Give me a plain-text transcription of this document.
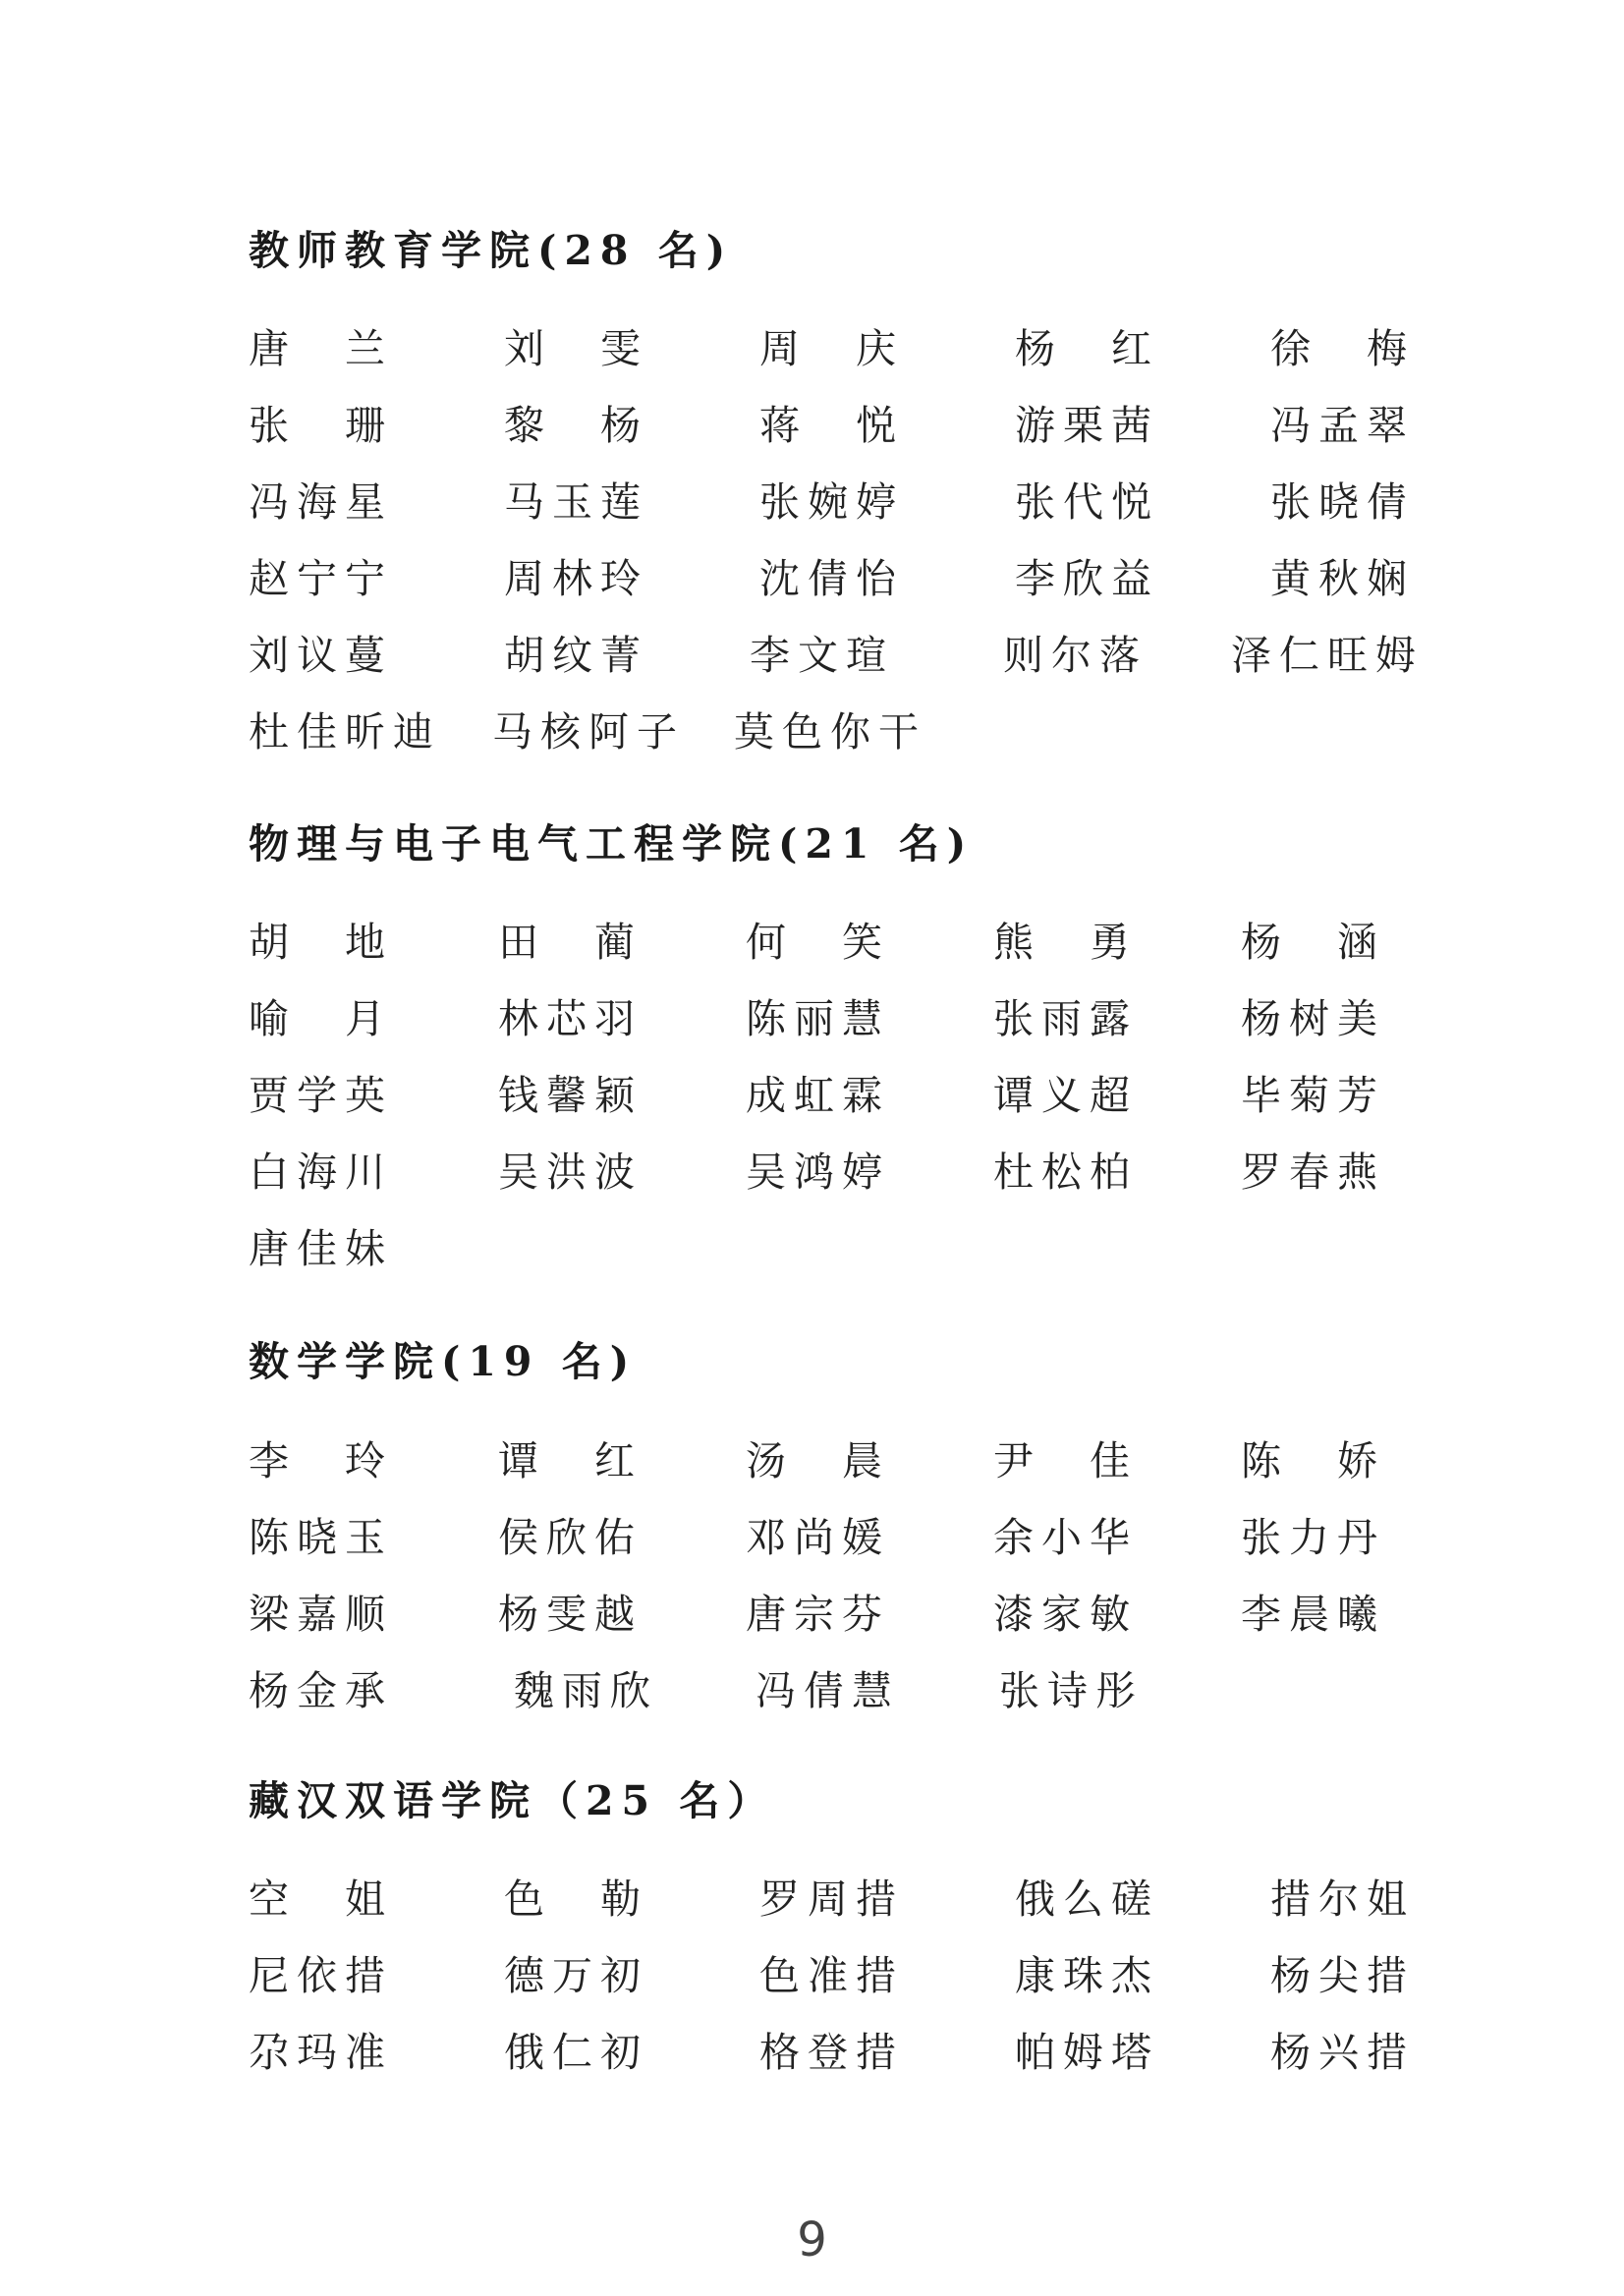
教师教育学院(28 名)
唐　兰	刘　雯	周　庆	杨　红	徐　梅
张　珊	黎　杨	蒋　悦	游栗茜	冯孟翠
冯海星	马玉莲	张婉婷	张代悦	张晓倩
赵宁宁	周林玲	沈倩怡	李欣益	黄秋娴
刘议蔓	胡纹菁	李文瑄	则尔落 泽仁旺姆
杜佳昕迪 马核阿子 莫色你干
物理与电子电气工程学院(21 名)
胡　地	田　蔺	何　笑	熊　勇	杨　涵
喻　月	林芯羽	陈丽慧	张雨露	杨树美
贾学英	钱馨颖	成虹霖	谭义超	毕菊芳
白海川	吴洪波	吴鸿婷	杜松柏	罗春燕
唐佳妹
数学学院(19 名)
李　玲	谭　红	汤　晨	尹　佳	陈　娇
陈晓玉	侯欣佑	邓尚媛	余小华	张力丹
梁嘉顺	杨雯越	唐宗芬	漆家敏	李晨曦
杨金承	魏雨欣 冯倩慧 张诗彤
藏汉双语学院（25 名）
空　姐	色　勒	罗周措	俄么磋	措尔姐
尼依措	德万初	色准措	康珠杰	杨尖措
尕玛准	俄仁初	格登措	帕姆塔	杨兴措
9
